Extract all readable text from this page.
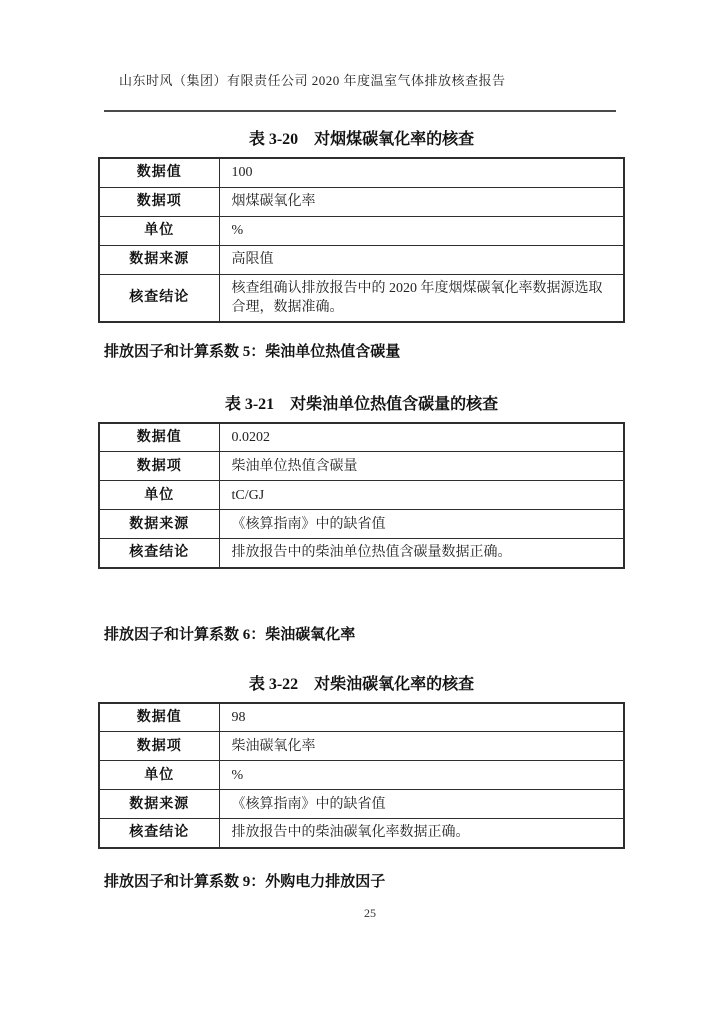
山东时风（集团）有限责任公司 2020 年度温室气体排放核查报告

表 3-20　对烟煤碳氧化率的核查
数据值	100
数据项	烟煤碳氧化率
单位	%
数据来源	高限值
核查结论	核查组确认排放报告中的 2020 年度烟煤碳氧化率数据源选取合理，数据准确。
排放因子和计算系数 5：柴油单位热值含碳量
表 3-21　对柴油单位热值含碳量的核查
数据值	0.0202
数据项	柴油单位热值含碳量
单位	tC/GJ
数据来源	《核算指南》中的缺省值
核查结论	排放报告中的柴油单位热值含碳量数据正确。
排放因子和计算系数 6：柴油碳氧化率
表 3-22　对柴油碳氧化率的核查
数据值	98
数据项	柴油碳氧化率
单位	%
数据来源	《核算指南》中的缺省值
核查结论	排放报告中的柴油碳氧化率数据正确。
排放因子和计算系数 9：外购电力排放因子
25
